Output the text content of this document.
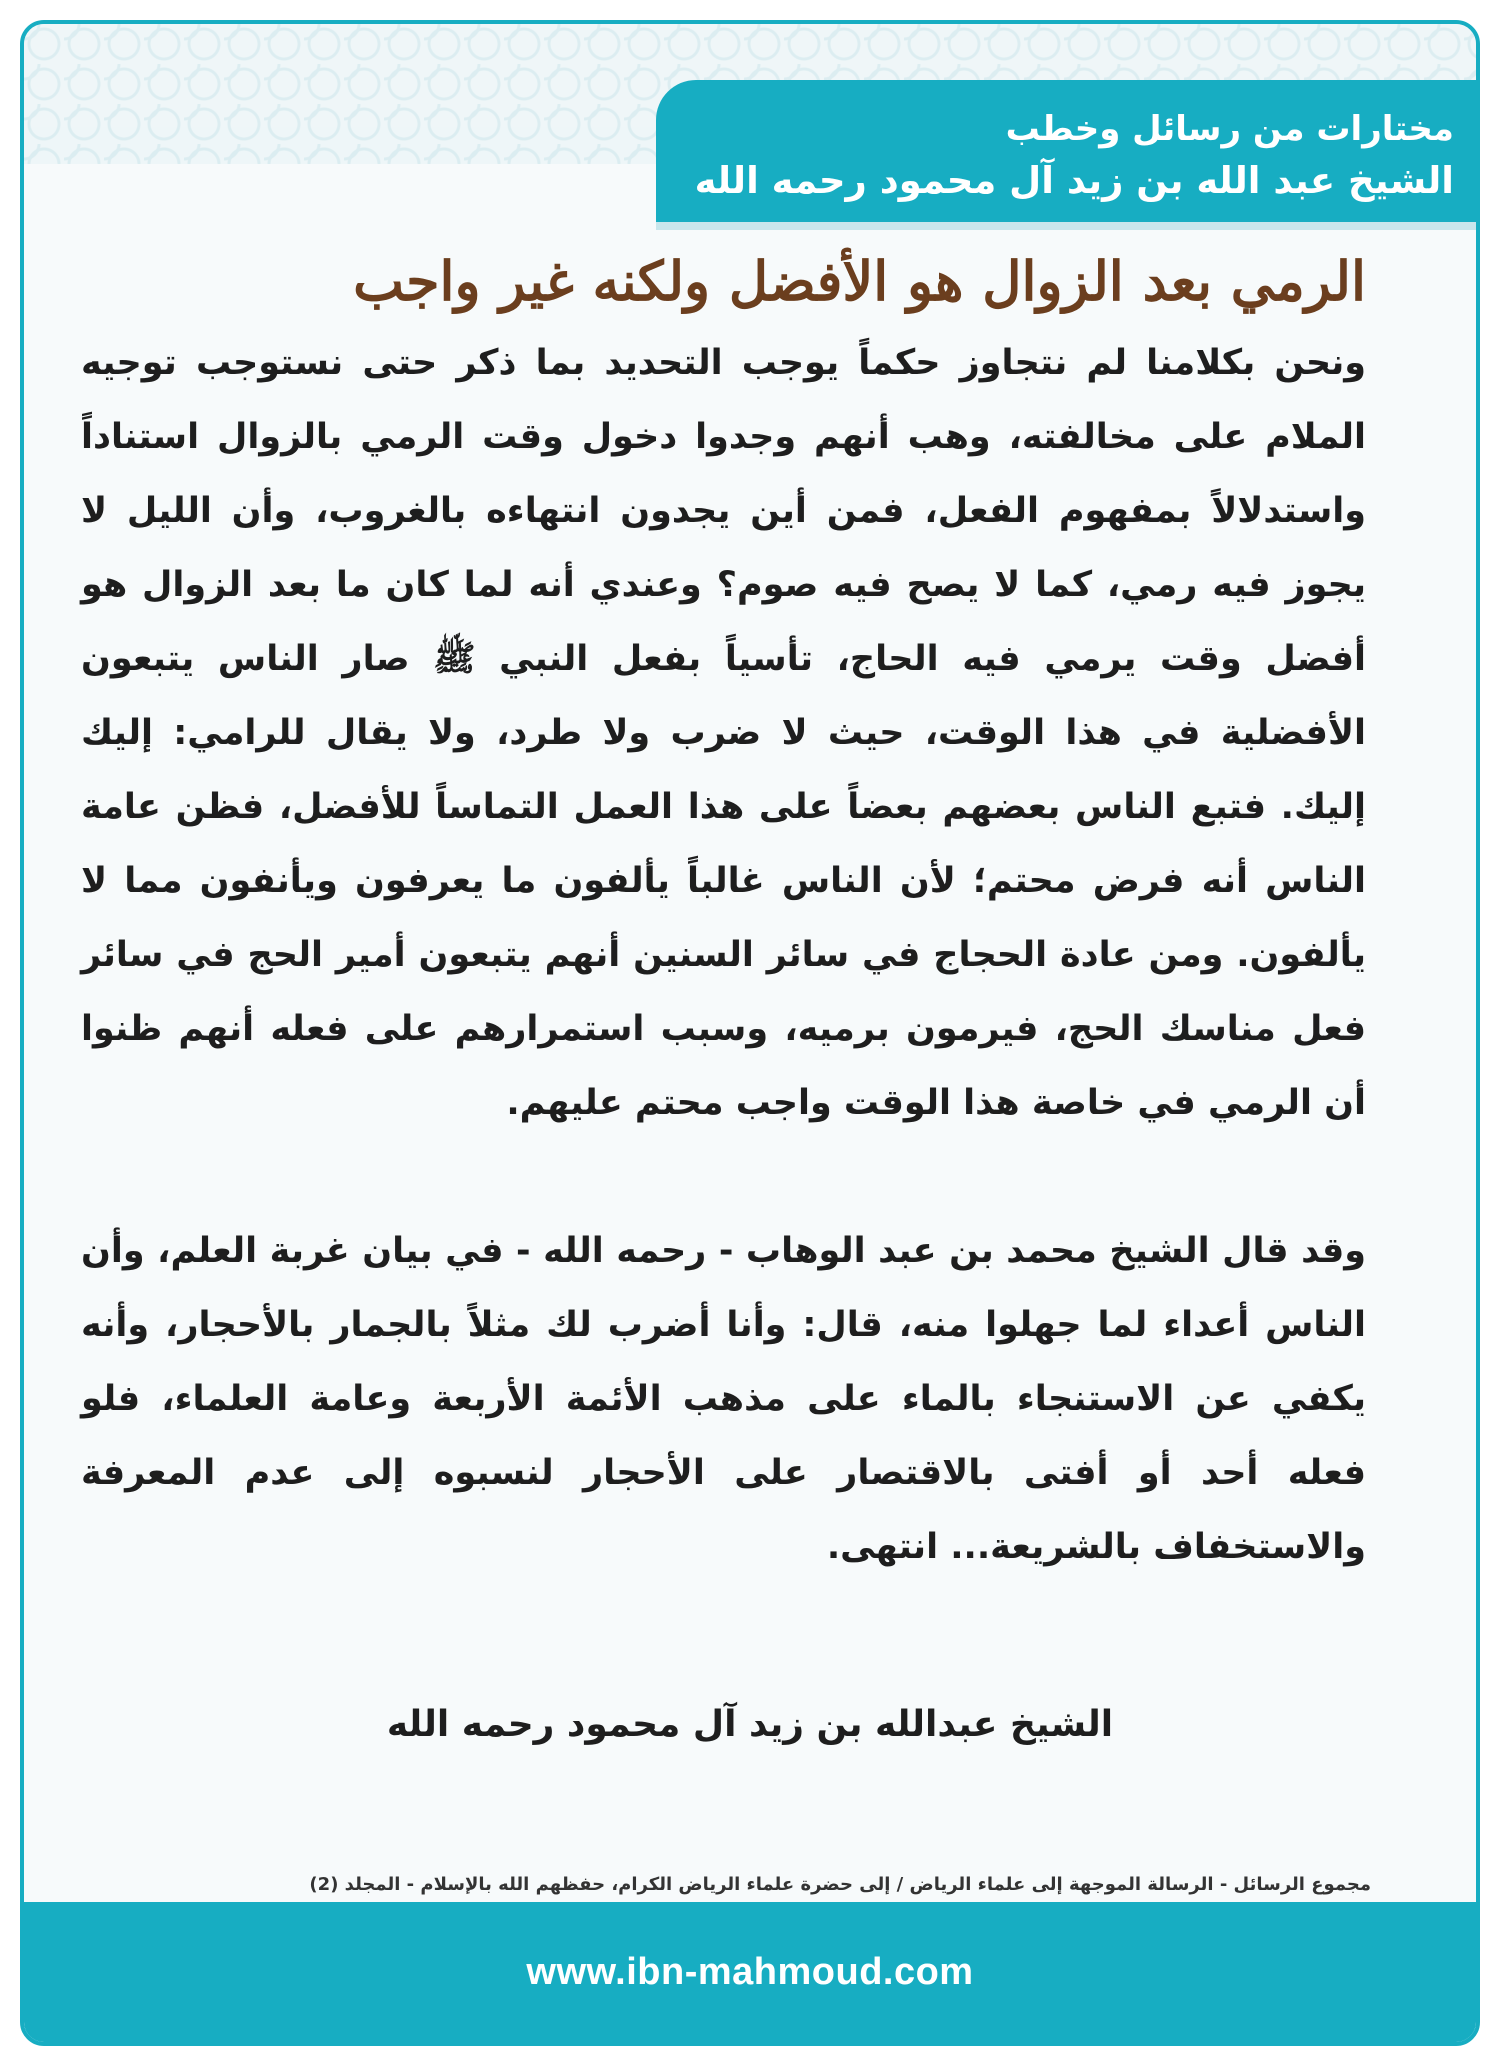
مختارات من رسائل وخطب
الشيخ عبد الله بن زيد آل محمود رحمه الله
الرمي بعد الزوال هو الأفضل ولكنه غير واجب

ونحن بكلامنا لم نتجاوز حكماً يوجب التحديد بما ذكر حتى نستوجب توجيه الملام على مخالفته، وهب أنهم وجدوا دخول وقت الرمي بالزوال استناداً واستدلالاً بمفهوم الفعل، فمن أين يجدون انتهاءه بالغروب، وأن الليل لا يجوز فيه رمي، كما لا يصح فيه صوم؟ وعندي أنه لما كان ما بعد الزوال هو أفضل وقت يرمي فيه الحاج، تأسياً بفعل النبي ﷺ صار الناس يتبعون الأفضلية في هذا الوقت، حيث لا ضرب ولا طرد، ولا يقال للرامي: إليك إليك. فتبع الناس بعضهم بعضاً على هذا العمل التماساً للأفضل، فظن عامة الناس أنه فرض محتم؛ لأن الناس غالباً يألفون ما يعرفون ويأنفون مما لا يألفون. ومن عادة الحجاج في سائر السنين أنهم يتبعون أمير الحج في سائر فعل مناسك الحج، فيرمون برميه، وسبب استمرارهم على فعله أنهم ظنوا أن الرمي في خاصة هذا الوقت واجب محتم عليهم.

وقد قال الشيخ محمد بن عبد الوهاب - رحمه الله - في بيان غربة العلم، وأن الناس أعداء لما جهلوا منه، قال: وأنا أضرب لك مثلاً بالجمار بالأحجار، وأنه يكفي عن الاستنجاء بالماء على مذهب الأئمة الأربعة وعامة العلماء، فلو فعله أحد أو أفتى بالاقتصار على الأحجار لنسبوه إلى عدم المعرفة والاستخفاف بالشريعة... انتهى.

الشيخ عبدالله بن زيد آل محمود رحمه الله
مجموع الرسائل - الرسالة الموجهة إلى علماء الرياض / إلى حضرة علماء الرياض الكرام، حفظهم الله بالإسلام - المجلد (2)
www.ibn-mahmoud.com
